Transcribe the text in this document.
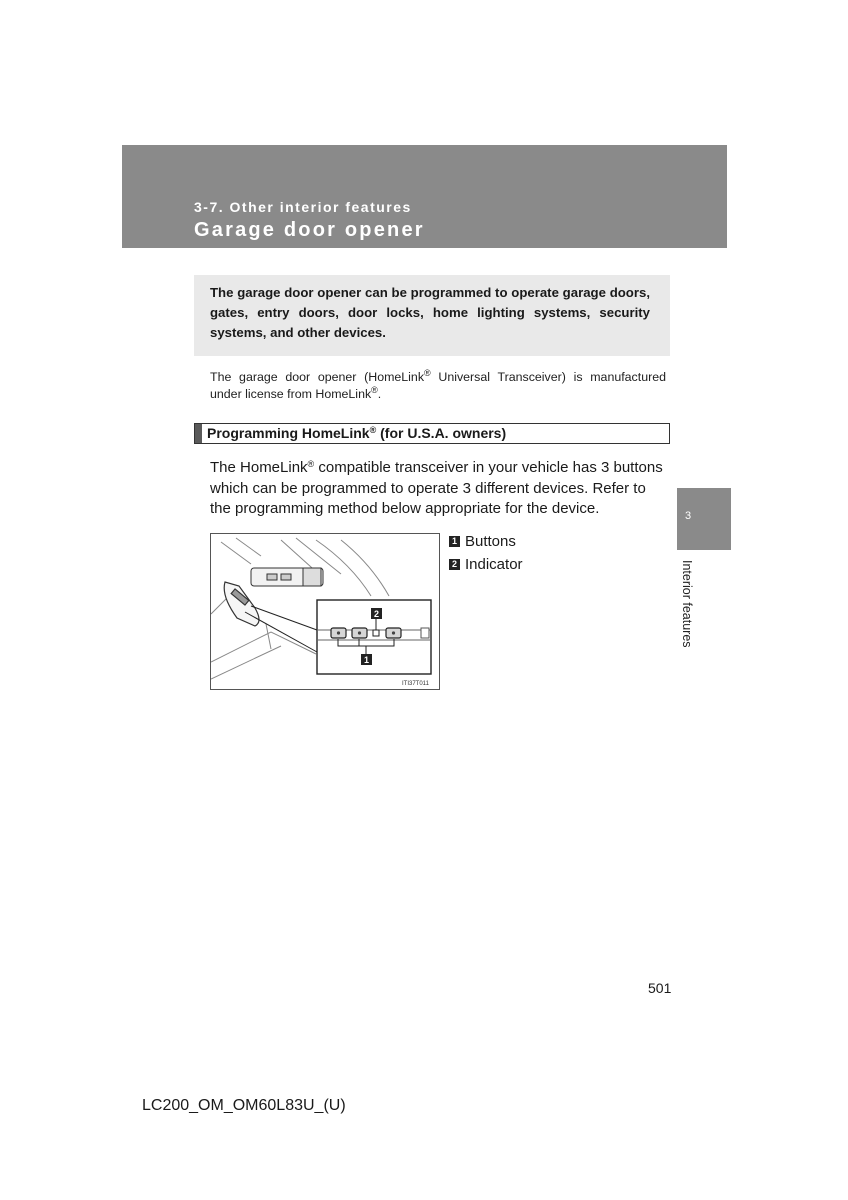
3-7. Other interior features
Garage door opener
The garage door opener can be programmed to operate garage doors, gates, entry doors, door locks, home lighting systems, security systems, and other devices.
The garage door opener (HomeLink® Universal Transceiver) is manufactured under license from HomeLink®.
Programming HomeLink® (for U.S.A. owners)
The HomeLink® compatible transceiver in your vehicle has 3 buttons which can be programmed to operate 3 different devices. Refer to the programming method below appropriate for the device.
2
1
ITI37T011
1 Buttons
2 Indicator
3
Interior features
501
LC200_OM_OM60L83U_(U)
